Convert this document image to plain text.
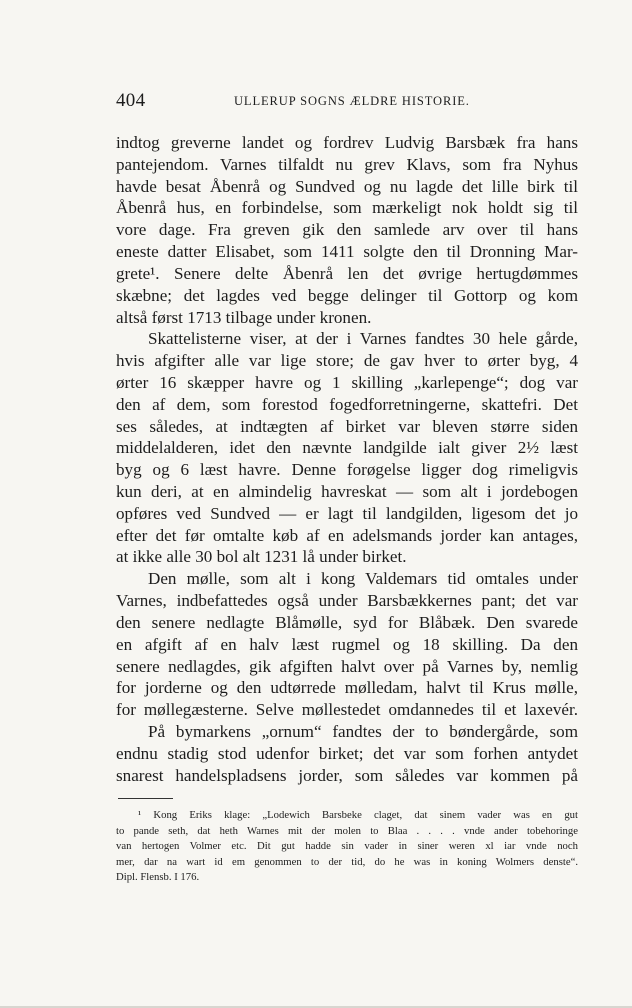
404	ULLERUP SOGNS ÆLDRE HISTORIE.
indtog greverne landet og fordrev Ludvig Barsbæk fra hans
pantejendom. Varnes tilfaldt nu grev Klavs, som fra Nyhus
havde besat Åbenrå og Sundved og nu lagde det lille birk til
Åbenrå hus, en forbindelse, som mærkeligt nok holdt sig til
vore dage. Fra greven gik den samlede arv over til hans
eneste datter Elisabet, som 1411 solgte den til Dronning Mar-
grete¹. Senere delte Åbenrå len det øvrige hertugdømmes
skæbne; det lagdes ved begge delinger til Gottorp og kom
altså først 1713 tilbage under kronen.
Skattelisterne viser, at der i Varnes fandtes 30 hele gårde,
hvis afgifter alle var lige store; de gav hver to ørter byg, 4
ørter 16 skæpper havre og 1 skilling „karlepenge“; dog var
den af dem, som forestod fogedforretningerne, skattefri. Det
ses således, at indtægten af birket var bleven større siden
middelalderen, idet den nævnte landgilde ialt giver 2½ læst
byg og 6 læst havre. Denne forøgelse ligger dog rimeligvis
kun deri, at en almindelig havreskat — som alt i jordebogen
opføres ved Sundved — er lagt til landgilden, ligesom det jo
efter det før omtalte køb af en adelsmands jorder kan antages,
at ikke alle 30 bol alt 1231 lå under birket.
Den mølle, som alt i kong Valdemars tid omtales under
Varnes, indbefattedes også under Barsbækkernes pant; det var
den senere nedlagte Blåmølle, syd for Blåbæk. Den svarede
en afgift af en halv læst rugmel og 18 skilling. Da den
senere nedlagdes, gik afgiften halvt over på Varnes by, nemlig
for jorderne og den udtørrede mølledam, halvt til Krus mølle,
for møllegæsterne. Selve møllestedet omdannedes til et laxevér.
På bymarkens „ornum“ fandtes der to bøndergårde, som
endnu stadig stod udenfor birket; det var som forhen antydet
snarest handelspladsens jorder, som således var kommen på
¹ Kong Eriks klage: „Lodewich Barsbeke claget, dat sinem vader was en gut
to pande seth, dat heth Warnes mit der molen to Blaa . . . . vnde ander tobehoringe
van hertogen Volmer etc. Dit gut hadde sin vader in siner weren xl iar vnde noch
mer, dar na wart id em genommen to der tid, do he was in koning Wolmers denste“.
Dipl. Flensb. I 176.
